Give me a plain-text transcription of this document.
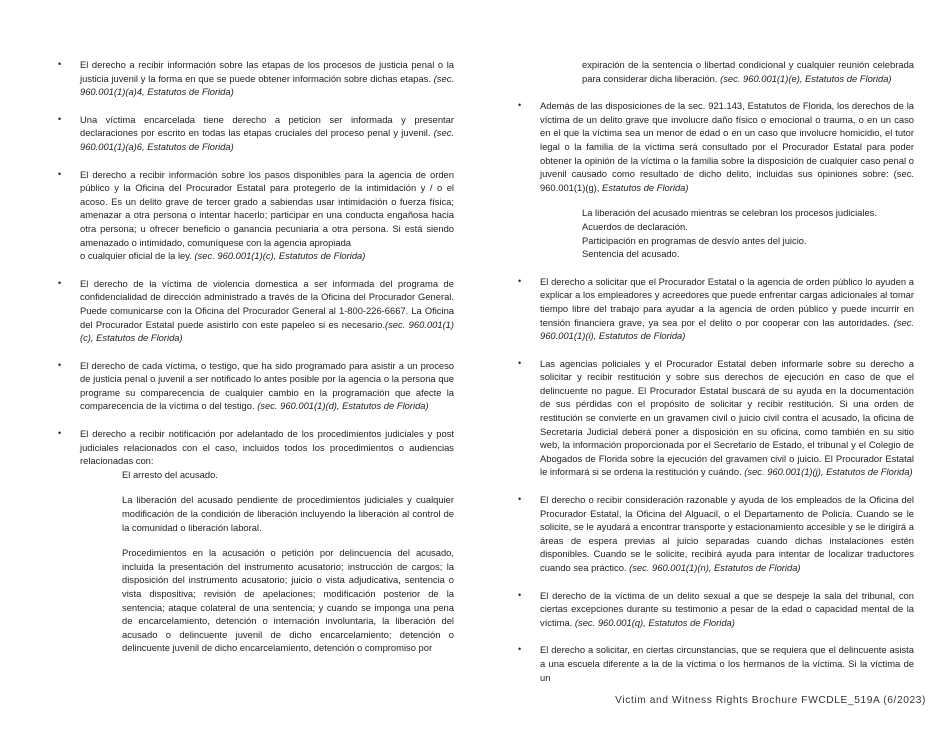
• El derecho a recibir información sobre las etapas de los procesos de justicia penal o la justicia juvenil y la forma en que se puede obtener información sobre dichas etapas. (sec. 960.001(1)(a)4, Estatutos de Florida)
• Una víctima encarcelada tiene derecho a peticion ser informada y presentar declaraciones por escrito en todas las etapas cruciales del proceso penal y juvenil. (sec. 960.001(1)(a)6, Estatutos de Florida)
• El derecho a recibir información sobre los pasos disponibles para la agencia de orden público y la Oficina del Procurador Estatal para protegerlo de la intimidación y / o el acoso. Es un delito grave de tercer grado a sabiendas usar intimidación o fuerza física; amenazar a otra persona o intentar hacerlo; participar en una conducta engañosa hacia otra persona; u ofrecer beneficio o ganancia pecuniaria a otra persona. Si está siendo amenazado o intimidado, comuníquese con la agencia apropiada
o cualquier oficial de la ley. (sec. 960.001(1)(c), Estatutos de Florida)
• El derecho de la víctima de violencia domestica a ser informada del programa de confidencialidad de dirección administrado a través de la Oficina del Procurador General. Puede comunicarse con la Oficina del Procurador General al 1-800-226-6667. La Oficina del Procurador Estatal puede asistirlo con este papeleo si es necesario.(sec. 960.001(1)(c), Estatutos de Florida)
• El derecho de cada víctima, o testigo, que ha sido programado para asistir a un proceso de justicia penal o juvenil a ser notificado lo antes posible por la agencia o la persona que programe su comparecencia de cualquier cambio en la programación que afecte la comparecencia de la víctima o del testigo. (sec. 960.001(1)(d), Estatutos de Florida)
• El derecho a recibir notificación por adelantado de los procedimientos judiciales y post judiciales relacionados con el caso, incluidos todos los procedimientos o audiencias relacionadas con:
El arresto del acusado.
La liberación del acusado pendiente de procedimientos judiciales y cualquier modificación de la condición de liberación incluyendo la liberación al control de la comunidad o liberación laboral.
Procedimientos en la acusación o petición por delincuencia del acusado, incluida la presentación del instrumento acusatorio; instrucción de cargos; la disposición del instrumento acusatorio; juicio o vista adjudicativa, sentencia o vista dispositiva; revisión de apelaciones; modificación posterior de la sentencia; ataque colateral de una sentencia; y cuando se imponga una pena de encarcelamiento, detención o internación involuntaria, la liberación del acusado o delincuente juvenil de dicho encarcelamiento; detención o delincuente juvenil de dicho encarcelamiento, detención o compromiso por
expiración de la sentencia o libertad condicional y cualquier reunión celebrada para considerar dicha liberación. (sec. 960.001(1)(e), Estatutos de Florida)
• Además de las disposiciones de la sec. 921.143, Estatutos de Florida, los derechos de la víctima de un delito grave que involucre daño físico o emocional o trauma, o en un caso en el que la víctima sea un menor de edad o en un caso que involucre homicidio, el tutor legal o la familia de la víctima será consultado por el Procurador Estatal para poder obtener la opinión de la víctima o la familia sobre la disposición de cualquier caso penal o juvenil causado como resultado de dicho delito, incluidas sus opiniones sobre: (sec. 960.001(1)(g), Estatutos de Florida)
La liberación del acusado mientras se celebran los procesos judiciales.
Acuerdos de declaración.
Participación en programas de desvío antes del juicio.
Sentencia del acusado.
• El derecho a solicitar que el Procurador Estatal o la agencia de orden público lo ayuden a explicar a los empleadores y acreedores que puede enfrentar cargas adicionales al tomar tiempo libre del trabajo para ayudar a la agencia de orden público y puede incurrir en tensión financiera grave, ya sea por el delito o por cooperar con las autoridades. (sec. 960.001(1)(i), Estatutos de Florida)
• Las agencias policiales y el Procurador Estatal deben informarle sobre su derecho a solicitar y recibir restitución y sobre sus derechos de ejecución en caso de que el delincuente no pague. El Procurador Estatal buscará de su ayuda en la documentación de sus pérdidas con el propósito de solicitar y recibir restitución. Si una orden de restitución se convierte en un gravamen civil o juicio civil contra el acusado, la oficina de Secretaria Judicial deberá poner a disposición en su oficina, como también en su sitio web, la información proporcionada por el Secretario de Estado, el tribunal y el Colegio de Abogados de Florida sobre la ejecución del gravamen civil o juicio. El Procurador Estatal le informará si se ordena la restitución y cuándo. (sec. 960.001(1)(j), Estatutos de Florida)
• El derecho o recibir consideración razonable y ayuda de los empleados de la Oficina del Procurador Estatal, la Oficina del Alguacil, o el Departamento de Policía. Cuando se le solicite, se le ayudará a encontrar transporte y estacionamiento accesible y se le dirigirá a áreas de espera previas al juicio separadas cuando dichas instalaciones estén disponibles. Cuando se le solicite, recibirá ayuda para intentar de localizar traductores cuando sea práctico. (sec. 960.001(1)(n), Estatutos de Florida)
• El derecho de la víctima de un delito sexual a que se despeje la sala del tribunal, con ciertas excepciones durante su testimonio a pesar de la edad o capacidad mental de la víctima. (sec. 960.001(q), Estatutos de Florida)
• El derecho a solicitar, en ciertas circunstancias, que se requiera que el delincuente asista a una escuela diferente a la de la víctima o los hermanos de la víctima. Si la víctima de un
Victim and Witness Rights Brochure FWCDLE_519A (6/2023)
